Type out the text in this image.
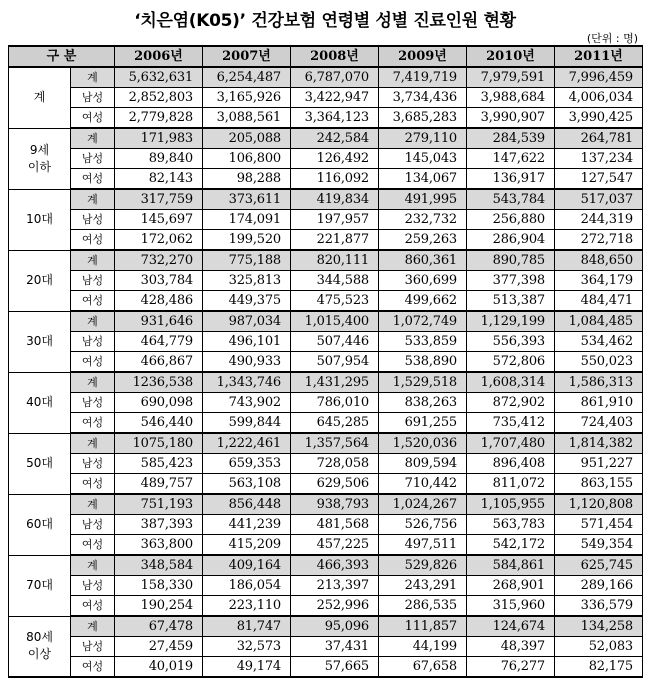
‘치은염(K05)’ 건강보험 연령별 성별 진료인원 현황
(단위 : 명)
구 분		2006년	2007년	2008년	2009년	2010년	2011년
계	계	5,632,631	6,254,487	6,787,070	7,419,719	7,979,591	7,996,459
	남성	2,852,803	3,165,926	3,422,947	3,734,436	3,988,684	4,006,034
	여성	2,779,828	3,088,561	3,364,123	3,685,283	3,990,907	3,990,425
9세
이하	계	171,983	205,088	242,584	279,110	284,539	264,781
	남성	89,840	106,800	126,492	145,043	147,622	137,234
	여성	82,143	98,288	116,092	134,067	136,917	127,547
10대	계	317,759	373,611	419,834	491,995	543,784	517,037
	남성	145,697	174,091	197,957	232,732	256,880	244,319
	여성	172,062	199,520	221,877	259,263	286,904	272,718
20대	계	732,270	775,188	820,111	860,361	890,785	848,650
	남성	303,784	325,813	344,588	360,699	377,398	364,179
	여성	428,486	449,375	475,523	499,662	513,387	484,471
30대	계	931,646	987,034	1,015,400	1,072,749	1,129,199	1,084,485
	남성	464,779	496,101	507,446	533,859	556,393	534,462
	여성	466,867	490,933	507,954	538,890	572,806	550,023
40대	계	1236,538	1,343,746	1,431,295	1,529,518	1,608,314	1,586,313
	남성	690,098	743,902	786,010	838,263	872,902	861,910
	여성	546,440	599,844	645,285	691,255	735,412	724,403
50대	계	1075,180	1,222,461	1,357,564	1,520,036	1,707,480	1,814,382
	남성	585,423	659,353	728,058	809,594	896,408	951,227
	여성	489,757	563,108	629,506	710,442	811,072	863,155
60대	계	751,193	856,448	938,793	1,024,267	1,105,955	1,120,808
	남성	387,393	441,239	481,568	526,756	563,783	571,454
	여성	363,800	415,209	457,225	497,511	542,172	549,354
70대	계	348,584	409,164	466,393	529,826	584,861	625,745
	남성	158,330	186,054	213,397	243,291	268,901	289,166
	여성	190,254	223,110	252,996	286,535	315,960	336,579
80세
이상	계	67,478	81,747	95,096	111,857	124,674	134,258
	남성	27,459	32,573	37,431	44,199	48,397	52,083
	여성	40,019	49,174	57,665	67,658	76,277	82,175
